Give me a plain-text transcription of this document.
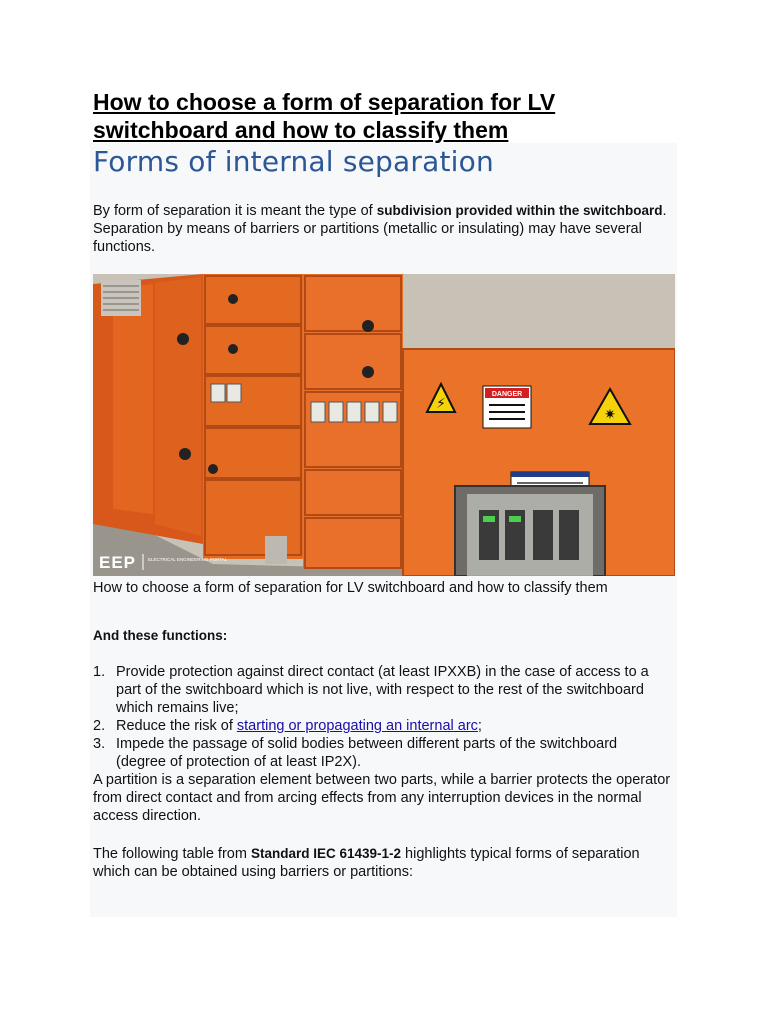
How to choose a form of separation for LV switchboard and how to classify them
Forms of internal separation

By form of separation it is meant the type of subdivision provided within the switchboard. Separation by means of barriers or partitions (metallic or insulating) may have several functions.

⚡
✷
DANGER
EEP	ELECTRICAL ENGINEERING PORTAL

How to choose a form of separation for LV switchboard and how to classify them

And these functions:

1. Provide protection against direct contact (at least IPXXB) in the case of access to a part of the switchboard which is not live, with respect to the rest of the switchboard which remains live;
2. Reduce the risk of starting or propagating an internal arc;
3. Impede the passage of solid bodies between different parts of the switchboard (degree of protection of at least IP2X).

A partition is a separation element between two parts, while a barrier protects the operator from direct contact and from arcing effects from any interruption devices in the normal access direction.

The following table from Standard IEC 61439-1-2 highlights typical forms of separation which can be obtained using barriers or partitions:
